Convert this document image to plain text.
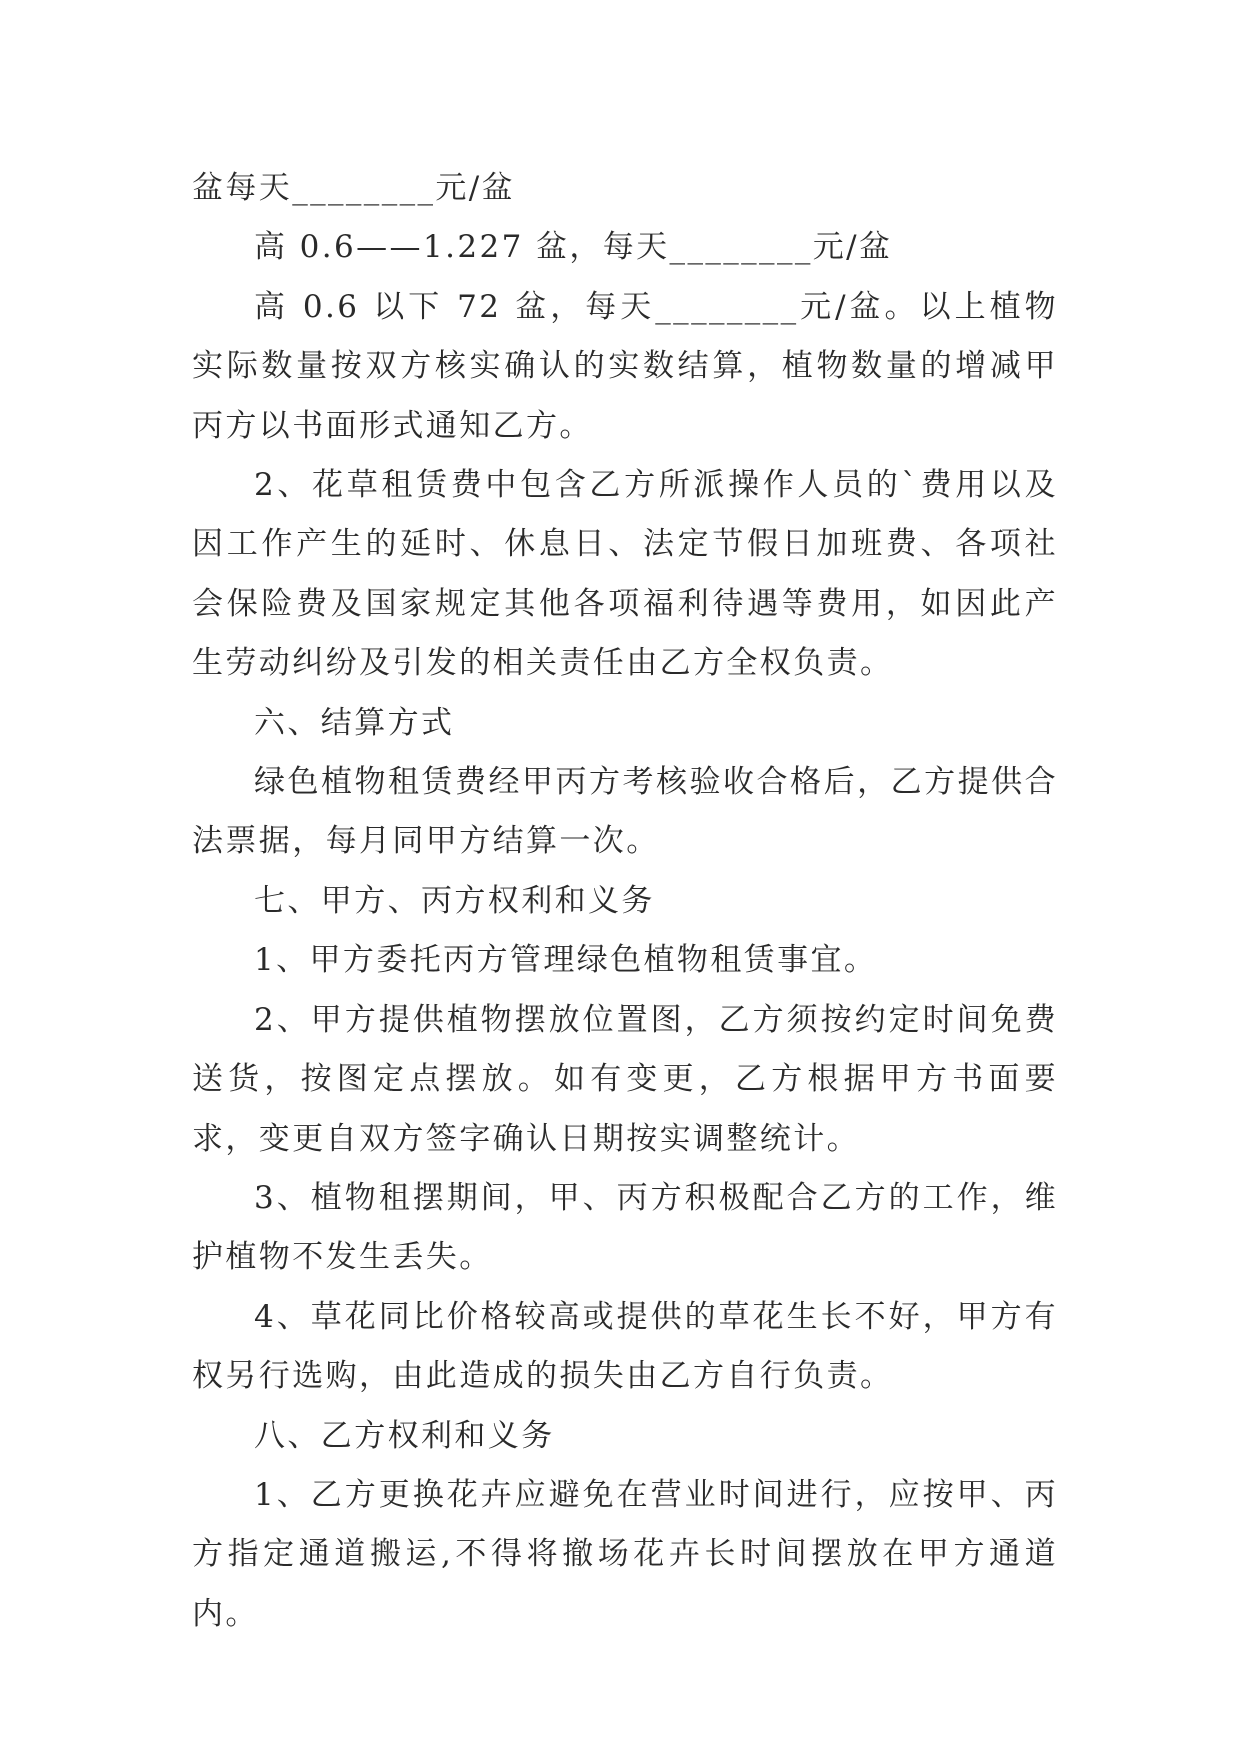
盆每天________元/盆

高 0.6——1.227 盆，每天________元/盆

高 0.6 以下 72 盆，每天________元/盆。以上植物实际数量按双方核实确认的实数结算，植物数量的增减甲丙方以书面形式通知乙方。

2、花草租赁费中包含乙方所派操作人员的`费用以及因工作产生的延时、休息日、法定节假日加班费、各项社会保险费及国家规定其他各项福利待遇等费用，如因此产生劳动纠纷及引发的相关责任由乙方全权负责。

六、结算方式

绿色植物租赁费经甲丙方考核验收合格后，乙方提供合法票据，每月同甲方结算一次。

七、甲方、丙方权利和义务

1、甲方委托丙方管理绿色植物租赁事宜。

2、甲方提供植物摆放位置图，乙方须按约定时间免费送货，按图定点摆放。如有变更，乙方根据甲方书面要求，变更自双方签字确认日期按实调整统计。

3、植物租摆期间，甲、丙方积极配合乙方的工作，维护植物不发生丢失。

4、草花同比价格较高或提供的草花生长不好，甲方有权另行选购，由此造成的损失由乙方自行负责。

八、乙方权利和义务

1、乙方更换花卉应避免在营业时间进行，应按甲、丙方指定通道搬运,不得将撤场花卉长时间摆放在甲方通道内。
